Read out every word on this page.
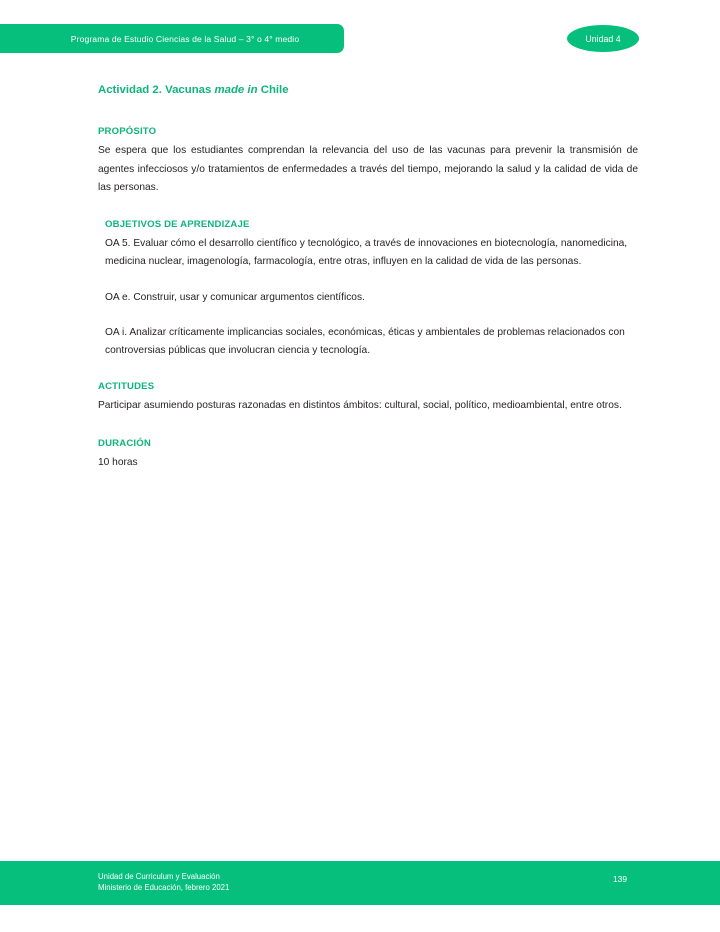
Programa de Estudio Ciencias de la Salud – 3° o 4° medio	Unidad 4
Actividad 2. Vacunas made in Chile
PROPÓSITO

Se espera que los estudiantes comprendan la relevancia del uso de las vacunas para prevenir la transmisión de agentes infecciosos y/o tratamientos de enfermedades a través del tiempo, mejorando la salud y la calidad de vida de las personas.

OBJETIVOS DE APRENDIZAJE

OA 5. Evaluar cómo el desarrollo científico y tecnológico, a través de innovaciones en biotecnología, nanomedicina, medicina nuclear, imagenología, farmacología, entre otras, influyen en la calidad de vida de las personas.

OA e. Construir, usar y comunicar argumentos científicos.

OA i. Analizar críticamente implicancias sociales, económicas, éticas y ambientales de problemas relacionados con controversias públicas que involucran ciencia y tecnología.

ACTITUDES

Participar asumiendo posturas razonadas en distintos ámbitos: cultural, social, político, medioambiental, entre otros.

DURACIÓN

10 horas

Unidad de Curriculum y Evaluación
Ministerio de Educación, febrero 2021
139
